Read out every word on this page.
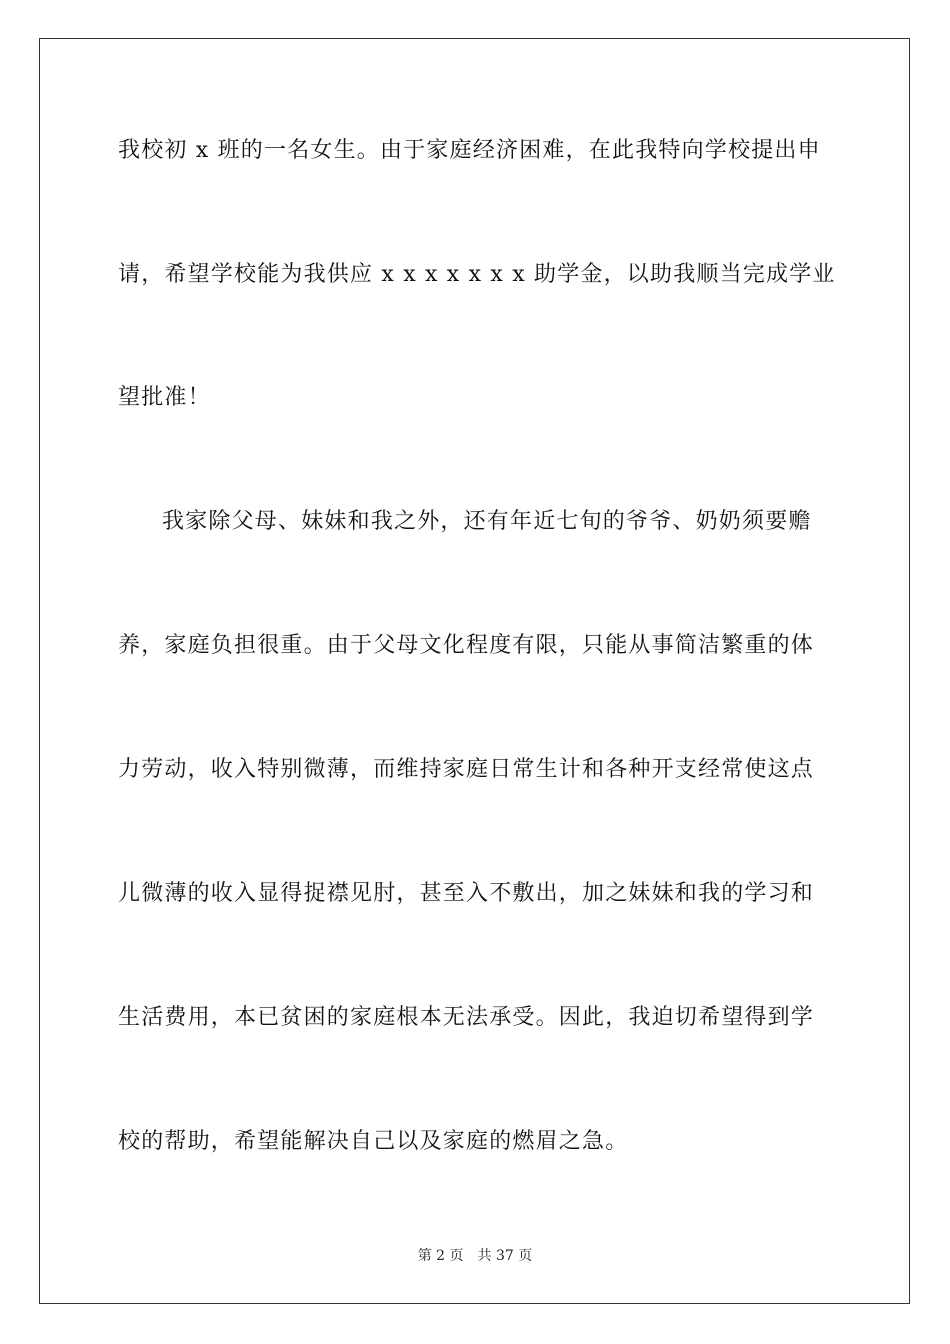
我校初 x 班的一名女生。由于家庭经济困难，在此我特向学校提出申
请，希望学校能为我供应 x x x x x x x 助学金，以助我顺当完成学业
望批准！
我家除父母、妹妹和我之外，还有年近七旬的爷爷、奶奶须要赡
养，家庭负担很重。由于父母文化程度有限，只能从事简洁繁重的体
力劳动，收入特别微薄，而维持家庭日常生计和各种开支经常使这点
儿微薄的收入显得捉襟见肘，甚至入不敷出，加之妹妹和我的学习和
生活费用，本已贫困的家庭根本无法承受。因此，我迫切希望得到学
校的帮助，希望能解决自己以及家庭的燃眉之急。
第 2 页 共 37 页
